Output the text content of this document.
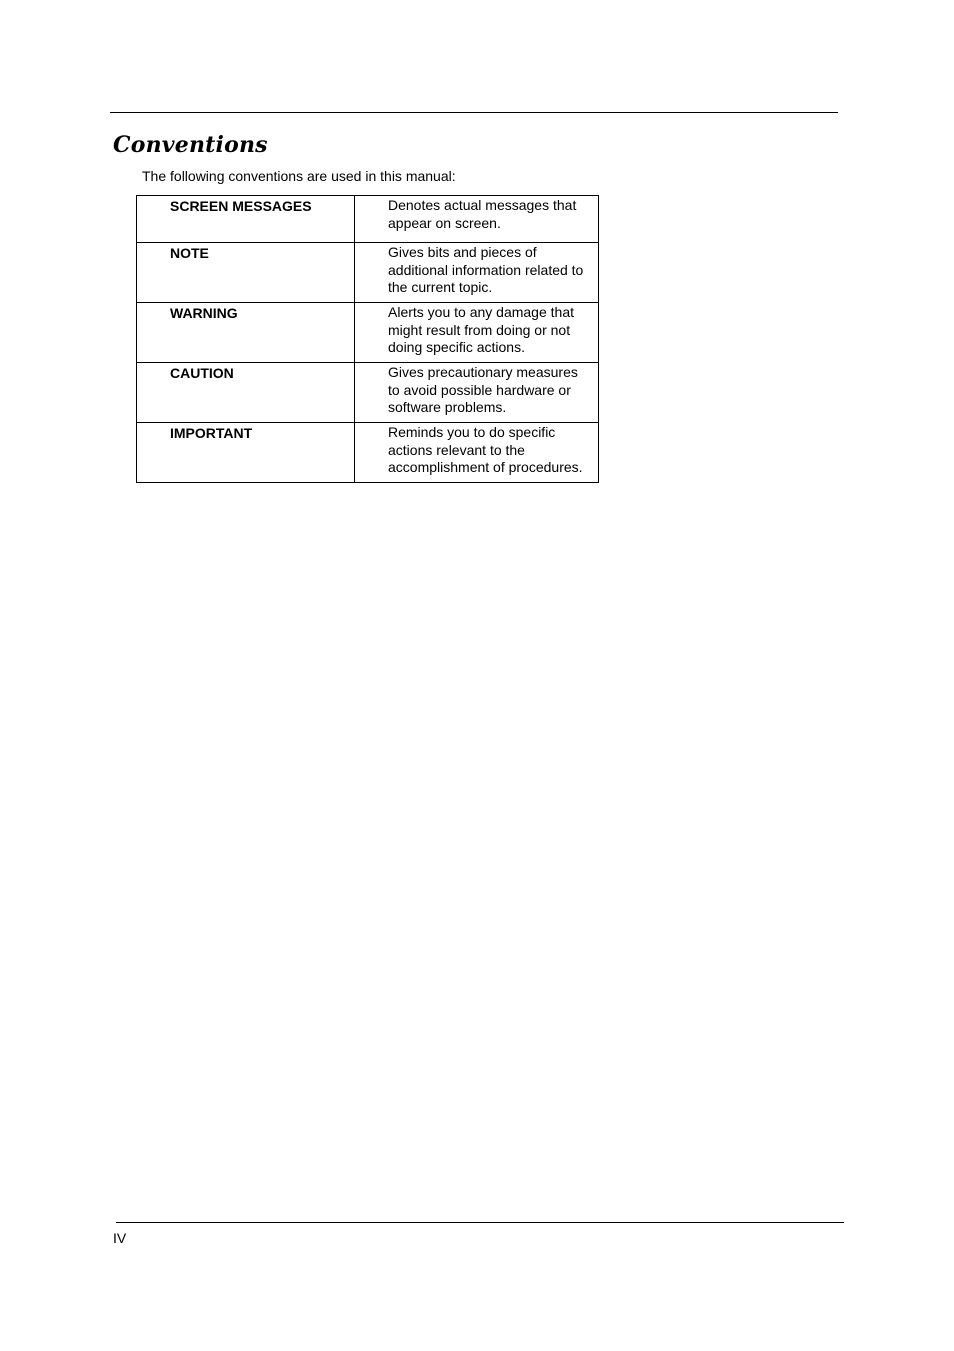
Conventions
The following conventions are used in this manual:
SCREEN MESSAGES	Denotes actual messages that appear on screen.
NOTE	Gives bits and pieces of additional information related to the current topic.
WARNING	Alerts you to any damage that might result from doing or not doing specific actions.
CAUTION	Gives precautionary measures to avoid possible hardware or software problems.
IMPORTANT	Reminds you to do specific actions relevant to the accomplishment of procedures.
IV
